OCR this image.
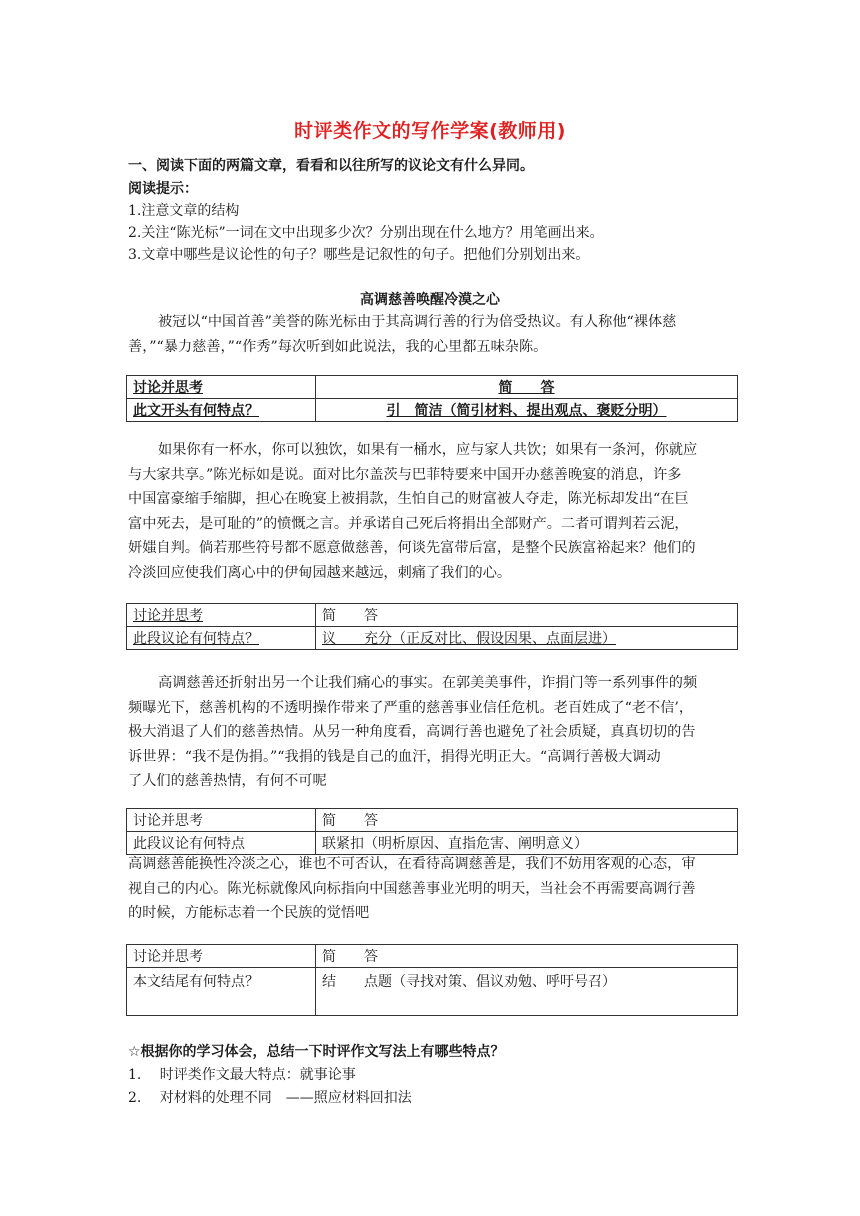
时评类作文的写作学案(教师用)
一、阅读下面的两篇文章，看看和以往所写的议论文有什么异同。
阅读提示：
1.注意文章的结构
2.关注“陈光标”一词在文中出现多少次？分别出现在什么地方？用笔画出来。
3.文章中哪些是议论性的句子？哪些是记叙性的句子。把他们分别划出来。
高调慈善唤醒冷漠之心
被冠以“中国首善”美誉的陈光标由于其高调行善的行为倍受热议。有人称他“裸体慈
善，”“暴力慈善，”“作秀”每次听到如此说法，我的心里都五味杂陈。
讨论并思考	简　　答
此文开头有何特点？	引　简洁（简引材料、提出观点、褒贬分明）
如果你有一杯水，你可以独饮，如果有一桶水，应与家人共饮；如果有一条河，你就应
与大家共享。”陈光标如是说。面对比尔盖茨与巴菲特要来中国开办慈善晚宴的消息，许多
中国富豪缩手缩脚，担心在晚宴上被捐款，生怕自己的财富被人夺走，陈光标却发出“在巨
富中死去，是可耻的”的愤慨之言。并承诺自己死后将捐出全部财产。二者可谓判若云泥，
妍媸自判。倘若那些符号都不愿意做慈善，何谈先富带后富，是整个民族富裕起来？他们的
冷淡回应使我们离心中的伊甸园越来越远，刺痛了我们的心。
讨论并思考	简　　答
此段议论有何特点？	议　　充分（正反对比、假设因果、点面层进）
高调慈善还折射出另一个让我们痛心的事实。在郭美美事件，诈捐门等一系列事件的频
频曝光下，慈善机构的不透明操作带来了严重的慈善事业信任危机。老百姓成了“老不信’，
极大消退了人们的慈善热情。从另一种角度看，高调行善也避免了社会质疑，真真切切的告
诉世界：“我不是伪捐。”“我捐的钱是自己的血汗，捐得光明正大。“高调行善极大调动
了人们的慈善热情，有何不可呢
讨论并思考	简　　答
此段议论有何特点	联紧扣（明析原因、直指危害、阐明意义）
高调慈善能换性冷淡之心，谁也不可否认，在看待高调慈善是，我们不妨用客观的心态，审
视自己的内心。陈光标就像风向标指向中国慈善事业光明的明天，当社会不再需要高调行善
的时候，方能标志着一个民族的觉悟吧
讨论并思考	简　　答
本文结尾有何特点？	结　　点题（寻找对策、倡议劝勉、呼吁号召）
☆根据你的学习体会，总结一下时评作文写法上有哪些特点？
1.　 时评类作文最大特点：就事论事
2.　 对材料的处理不同　——照应材料回扣法
